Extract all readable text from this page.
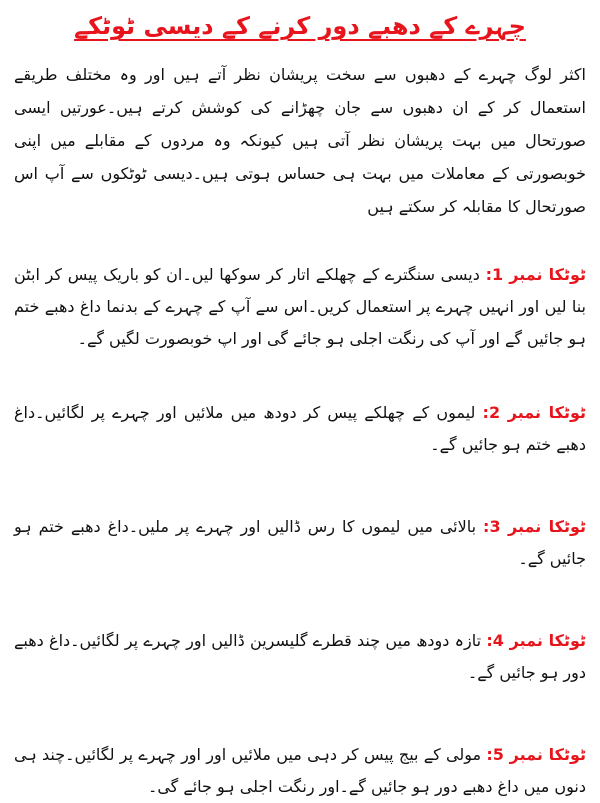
چہرے کے دھبے دور کرنے کے دیسی ٹوٹکے

اکثر لوگ چہرے کے دھبوں سے سخت پریشان نظر آتے ہیں اور وہ مختلف طریقے استعمال کر کے ان دھبوں سے جان چھڑانے کی کوشش کرتے ہیں۔عورتیں ایسی صورتحال میں بہت پریشان نظر آتی ہیں کیونکہ وہ مردوں کے مقابلے میں اپنی خوبصورتی کے معاملات میں بہت ہی حساس ہوتی ہیں۔دیسی ٹوٹکوں سے آپ اس صورتحال کا مقابلہ کر سکتے ہیں

ٹوٹکا نمبر 1: دیسی سنگترے کے چھلکے اتار کر سوکھا لیں۔ان کو باریک پیس کر ابٹن بنا لیں اور انہیں چہرے پر استعمال کریں۔اس سے آپ کے چہرے کے بدنما داغ دھبے ختم ہو جائیں گے اور آپ کی رنگت اجلی ہو جائے گی اور اپ خوبصورت لگیں گے۔

ٹوٹکا نمبر 2: لیموں کے چھلکے پیس کر دودھ میں ملائیں اور چہرے پر لگائیں۔داغ دھبے ختم ہو جائیں گے۔

ٹوٹکا نمبر 3: بالائی میں لیموں کا رس ڈالیں اور چہرے پر ملیں۔داغ دھبے ختم ہو جائیں گے۔

ٹوٹکا نمبر 4: تازہ دودھ میں چند قطرے گلیسرین ڈالیں اور چہرے پر لگائیں۔داغ دھبے دور ہو جائیں گے۔

ٹوٹکا نمبر 5: مولی کے بیج پیس کر دہی میں ملائیں اور اور چہرے پر لگائیں۔چند ہی دنوں میں داغ دھبے دور ہو جائیں گے۔اور رنگت اجلی ہو جائے گی۔
